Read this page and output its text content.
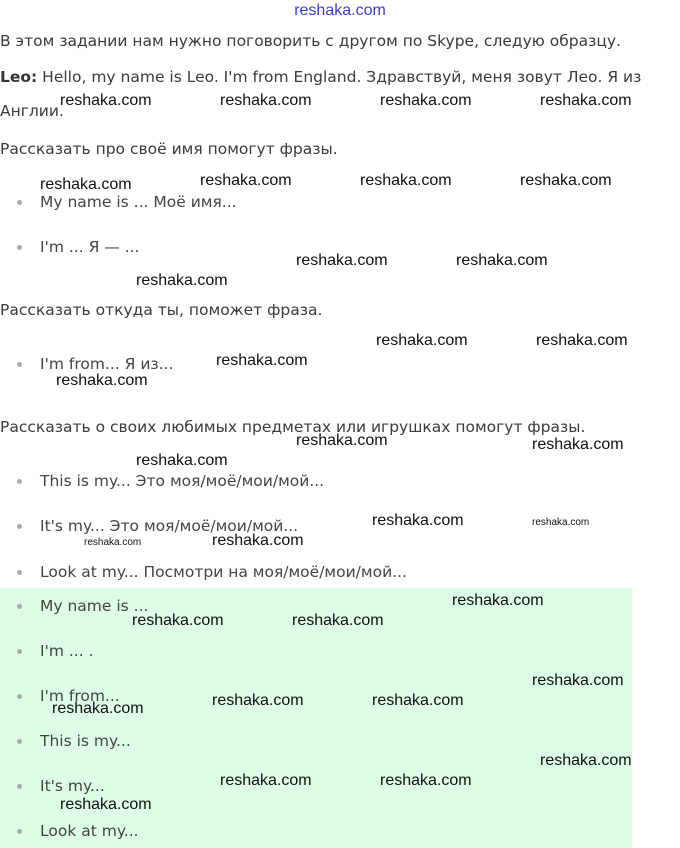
reshaka.com

В этом задании нам нужно поговорить с другом по Skype, следую образцу.

Leo: Hello, my name is Leo. I'm from England. Здравствуй, меня зовут Лео. Я из

Англии.

Рассказать про своё имя помогут фразы.

My name is ... Моё имя...
I'm ... Я — ...

Рассказать откуда ты, поможет фраза.

I'm from... Я из...

Рассказать о своих любимых предметах или игрушках помогут фразы.

This is my... Это моя/моё/мои/мой...
It's my... Это моя/моё/мои/мой...
Look at my... Посмотри на моя/моё/мои/мой...
My name is ...
I'm ... .
I'm from...
This is my...
It's my...
Look at my...
reshaka.com	reshaka.com	reshaka.com	reshaka.com
reshaka.com	reshaka.com	reshaka.com	reshaka.com
reshaka.com	reshaka.com
reshaka.com
reshaka.com	reshaka.com
reshaka.com
reshaka.com
reshaka.com	reshaka.com
reshaka.com
reshaka.com	reshaka.com
reshaka.com	reshaka.com
reshaka.com
reshaka.com	reshaka.com
reshaka.com
reshaka.com	reshaka.com
reshaka.com
reshaka.com
reshaka.com	reshaka.com
reshaka.com
